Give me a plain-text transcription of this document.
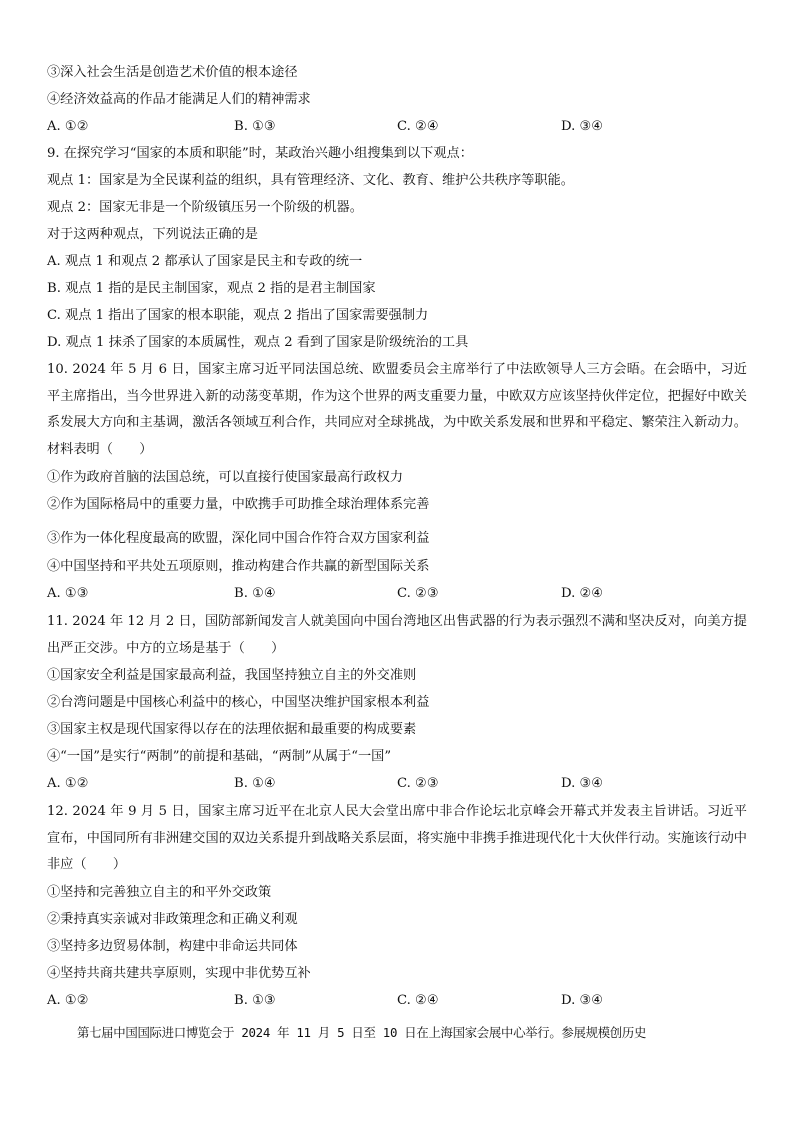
③深入社会生活是创造艺术价值的根本途径
④经济效益高的作品才能满足人们的精神需求
A. ①②	B. ①③	C. ②④	D. ③④
9. 在探究学习“国家的本质和职能”时，某政治兴趣小组搜集到以下观点：
观点 1：国家是为全民谋利益的组织，具有管理经济、文化、教育、维护公共秩序等职能。
观点 2：国家无非是一个阶级镇压另一个阶级的机器。
对于这两种观点，下列说法正确的是
A. 观点 1 和观点 2 都承认了国家是民主和专政的统一
B. 观点 1 指的是民主制国家，观点 2 指的是君主制国家
C. 观点 1 指出了国家的根本职能，观点 2 指出了国家需要强制力
D. 观点 1 抹杀了国家的本质属性，观点 2 看到了国家是阶级统治的工具
10. 2024 年 5 月 6 日，国家主席习近平同法国总统、欧盟委员会主席举行了中法欧领导人三方会晤。在会晤中，习近平主席指出，当今世界进入新的动荡变革期，作为这个世界的两支重要力量，中欧双方应该坚持伙伴定位，把握好中欧关系发展大方向和主基调，激活各领域互利合作，共同应对全球挑战，为中欧关系发展和世界和平稳定、繁荣注入新动力。材料表明（　　）
①作为政府首脑的法国总统，可以直接行使国家最高行政权力
②作为国际格局中的重要力量，中欧携手可助推全球治理体系完善
③作为一体化程度最高的欧盟，深化同中国合作符合双方国家利益
④中国坚持和平共处五项原则，推动构建合作共赢的新型国际关系
A. ①③	B. ①④	C. ②③	D. ②④
11. 2024 年 12 月 2 日，国防部新闻发言人就美国向中国台湾地区出售武器的行为表示强烈不满和坚决反对，向美方提出严正交涉。中方的立场是基于（　　）
①国家安全利益是国家最高利益，我国坚持独立自主的外交准则
②台湾问题是中国核心利益中的核心，中国坚决维护国家根本利益
③国家主权是现代国家得以存在的法理依据和最重要的构成要素
④“一国”是实行“两制”的前提和基础，“两制”从属于“一国”
A. ①②	B. ①④	C. ②③	D. ③④
12. 2024 年 9 月 5 日，国家主席习近平在北京人民大会堂出席中非合作论坛北京峰会开幕式并发表主旨讲话。习近平宣布，中国同所有非洲建交国的双边关系提升到战略关系层面，将实施中非携手推进现代化十大伙伴行动。实施该行动中非应（　　）
①坚持和完善独立自主的和平外交政策
②秉持真实亲诚对非政策理念和正确义利观
③坚持多边贸易体制，构建中非命运共同体
④坚持共商共建共享原则，实现中非优势互补
A. ①②	B. ①③	C. ②④	D. ③④
第七届中国国际进口博览会于 2024 年 11 月 5 日至 10 日在上海国家会展中心举行。参展规模创历史
